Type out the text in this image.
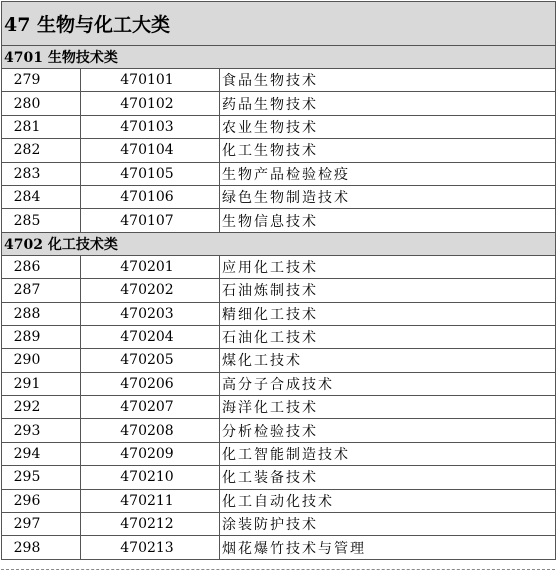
47 生物与化工大类		
4701 生物技术类		
279	470101	食品生物技术
280	470102	药品生物技术
281	470103	农业生物技术
282	470104	化工生物技术
283	470105	生物产品检验检疫
284	470106	绿色生物制造技术
285	470107	生物信息技术
4702 化工技术类		
286	470201	应用化工技术
287	470202	石油炼制技术
288	470203	精细化工技术
289	470204	石油化工技术
290	470205	煤化工技术
291	470206	高分子合成技术
292	470207	海洋化工技术
293	470208	分析检验技术
294	470209	化工智能制造技术
295	470210	化工装备技术
296	470211	化工自动化技术
297	470212	涂装防护技术
298	470213	烟花爆竹技术与管理
